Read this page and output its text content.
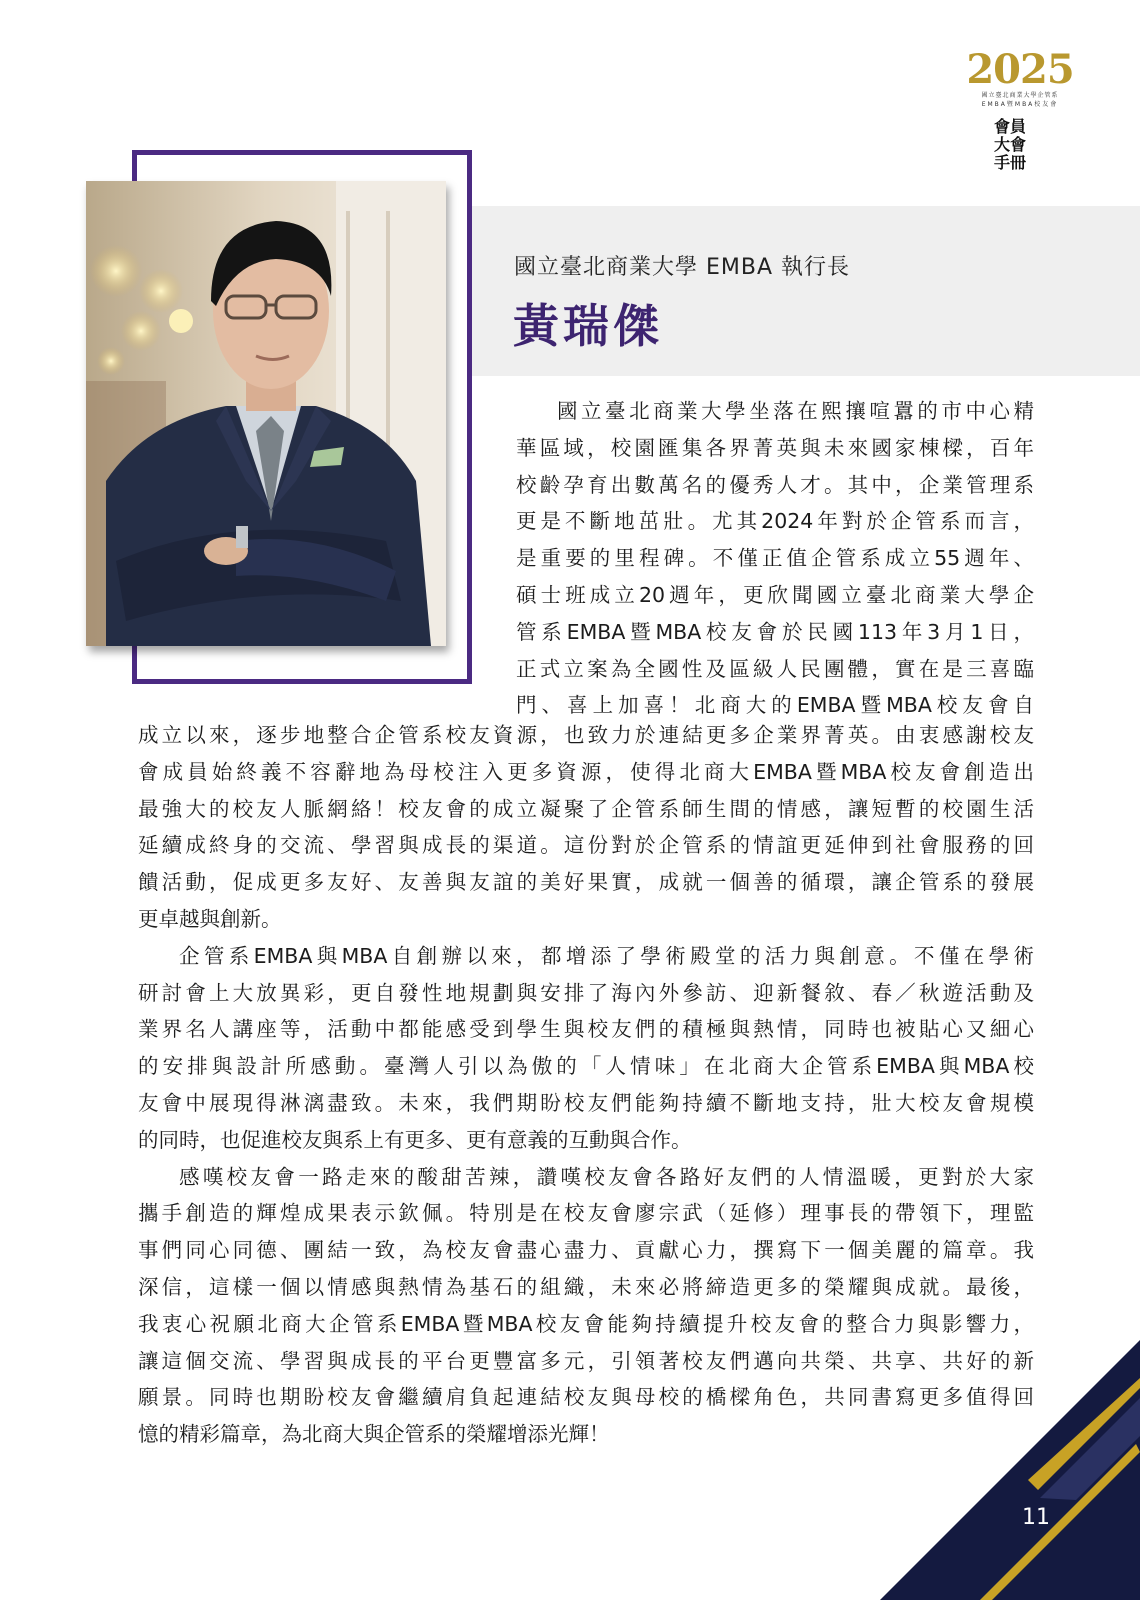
2025
國立臺北商業大學企管系
EMBA暨MBA校友會
會員
大會
手冊
國立臺北商業大學 EMBA 執行長
黃瑞傑
國立臺北商業大學坐落在熙攘喧囂的市中心精
華區域，校園匯集各界菁英與未來國家棟樑，百年
校齡孕育出數萬名的優秀人才。其中，企業管理系
更是不斷地茁壯。尤其2024年對於企管系而言，
是重要的里程碑。不僅正值企管系成立55週年、
碩士班成立20週年，更欣聞國立臺北商業大學企
管系EMBA暨MBA校友會於民國113年3月1日，
正式立案為全國性及區級人民團體，實在是三喜臨
門、喜上加喜！北商大的EMBA暨MBA校友會自
成立以來，逐步地整合企管系校友資源，也致力於連結更多企業界菁英。由衷感謝校友
會成員始終義不容辭地為母校注入更多資源，使得北商大EMBA暨MBA校友會創造出
最強大的校友人脈網絡！校友會的成立凝聚了企管系師生間的情感，讓短暫的校園生活
延續成終身的交流、學習與成長的渠道。這份對於企管系的情誼更延伸到社會服務的回
饋活動，促成更多友好、友善與友誼的美好果實，成就一個善的循環，讓企管系的發展
更卓越與創新。
企管系EMBA與MBA自創辦以來，都增添了學術殿堂的活力與創意。不僅在學術
研討會上大放異彩，更自發性地規劃與安排了海內外參訪、迎新餐敘、春／秋遊活動及
業界名人講座等，活動中都能感受到學生與校友們的積極與熱情，同時也被貼心又細心
的安排與設計所感動。臺灣人引以為傲的「人情味」在北商大企管系EMBA與MBA校
友會中展現得淋漓盡致。未來，我們期盼校友們能夠持續不斷地支持，壯大校友會規模
的同時，也促進校友與系上有更多、更有意義的互動與合作。
感嘆校友會一路走來的酸甜苦辣，讚嘆校友會各路好友們的人情溫暖，更對於大家
攜手創造的輝煌成果表示欽佩。特別是在校友會廖宗武（延修）理事長的帶領下，理監
事們同心同德、團結一致，為校友會盡心盡力、貢獻心力，撰寫下一個美麗的篇章。我
深信，這樣一個以情感與熱情為基石的組織，未來必將締造更多的榮耀與成就。最後，
我衷心祝願北商大企管系EMBA暨MBA校友會能夠持續提升校友會的整合力與影響力，
讓這個交流、學習與成長的平台更豐富多元，引領著校友們邁向共榮、共享、共好的新
願景。同時也期盼校友會繼續肩負起連結校友與母校的橋樑角色，共同書寫更多值得回
憶的精彩篇章，為北商大與企管系的榮耀增添光輝！
11
